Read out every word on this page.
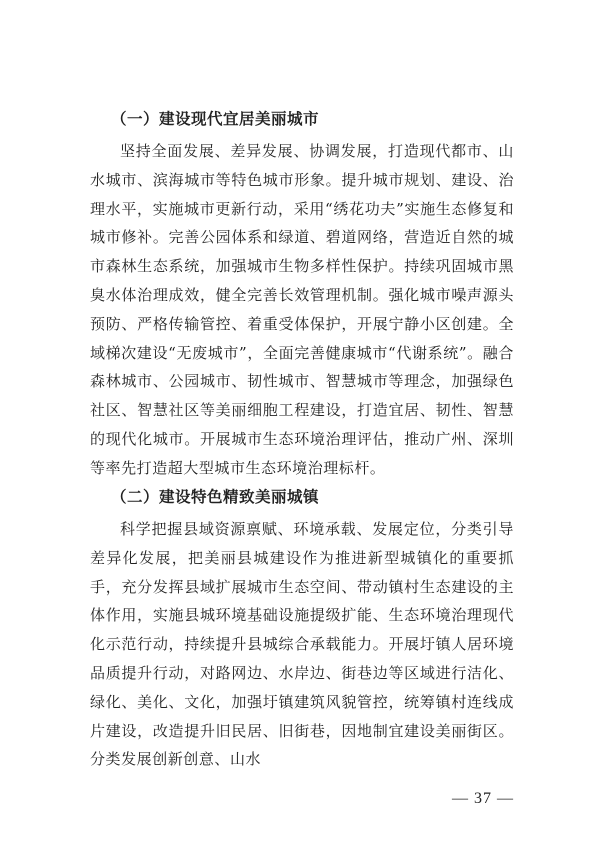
（一）建设现代宜居美丽城市

坚持全面发展、差异发展、协调发展，打造现代都市、山水城市、滨海城市等特色城市形象。提升城市规划、建设、治理水平，实施城市更新行动，采用“绣花功夫”实施生态修复和城市修补。完善公园体系和绿道、碧道网络，营造近自然的城市森林生态系统，加强城市生物多样性保护。持续巩固城市黑臭水体治理成效，健全完善长效管理机制。强化城市噪声源头预防、严格传输管控、着重受体保护，开展宁静小区创建。全域梯次建设“无废城市”，全面完善健康城市“代谢系统”。融合森林城市、公园城市、韧性城市、智慧城市等理念，加强绿色社区、智慧社区等美丽细胞工程建设，打造宜居、韧性、智慧的现代化城市。开展城市生态环境治理评估，推动广州、深圳等率先打造超大型城市生态环境治理标杆。

（二）建设特色精致美丽城镇

科学把握县域资源禀赋、环境承载、发展定位，分类引导差异化发展，把美丽县城建设作为推进新型城镇化的重要抓手，充分发挥县域扩展城市生态空间、带动镇村生态建设的主体作用，实施县城环境基础设施提级扩能、生态环境治理现代化示范行动，持续提升县城综合承载能力。开展圩镇人居环境品质提升行动，对路网边、水岸边、街巷边等区域进行洁化、绿化、美化、文化，加强圩镇建筑风貌管控，统筹镇村连线成片建设，改造提升旧民居、旧街巷，因地制宜建设美丽街区。分类发展创新创意、山水

— 37 —
